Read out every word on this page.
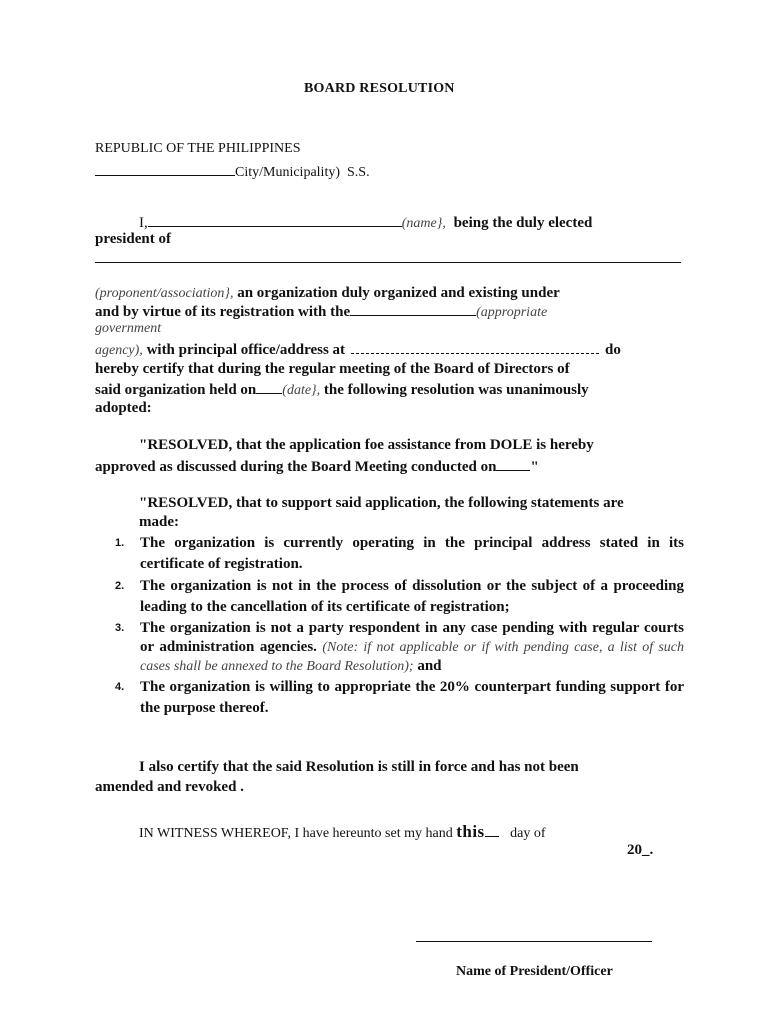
BOARD RESOLUTION
REPUBLIC OF THE PHILIPPINES
City/Municipality) S.S.
I,	(name}, being the duly elected
president of
(proponent/association}, an organization duly organized and existing under
and by virtue of its registration with the	(appropriate
government
agency), with principal office/address at	do
hereby certify that during the regular meeting of the Board of Directors of
said organization held on (date}, the following resolution was unanimously
adopted:
"RESOLVED, that the application foe assistance from DOLE is hereby
approved as discussed during the Board Meeting conducted on "
"RESOLVED, that to support said application, the following statements are
made:
1. The organization is currently operating in the principal address stated in its certificate of registration.
2. The organization is not in the process of dissolution or the subject of a proceeding leading to the cancellation of its certificate of registration;
3. The organization is not a party respondent in any case pending with regular courts or administration agencies. (Note: if not applicable or if with pending case, a list of such cases shall be annexed to the Board Resolution); and
4. The organization is willing to appropriate the 20% counterpart funding support for the purpose thereof.
I also certify that the said Resolution is still in force and has not been
amended and revoked .
IN WITNESS WHEREOF, I have hereunto set my hand this day of
20_.
Name of President/Officer
